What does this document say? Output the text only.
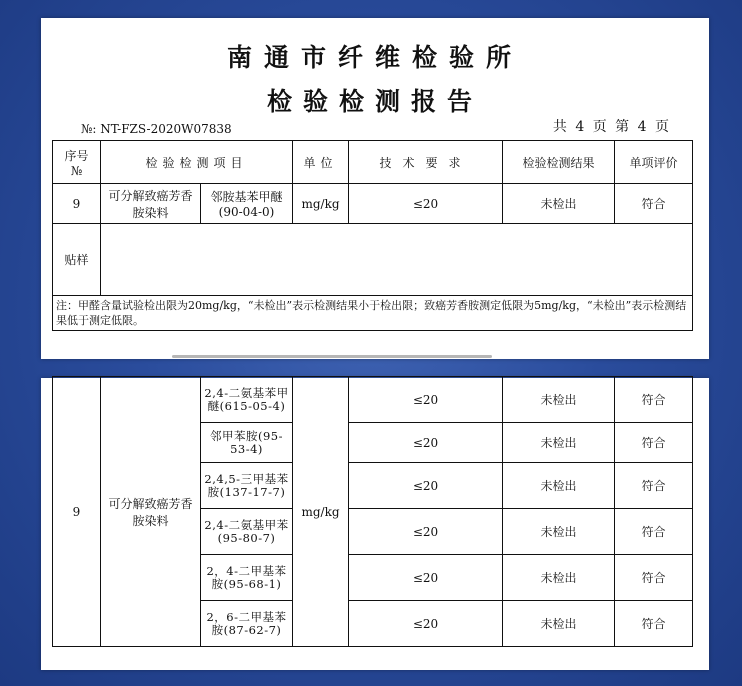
南通市纤维检验所
检验检测报告
№: NT-FZS-2020W07838	共 4 页 第 4 页
序号
№	检验检测项目		单位	技术要求	检验检测结果	单项评价
9	可分解致癌芳香胺染料	邻胺基苯甲醚(90-04-0)	mg/kg	≤20	未检出	符合
贴样						
注：甲醛含量试验检出限为20mg/kg，“未检出”表示检测结果小于检出限；致癌芳香胺测定低限为5mg/kg，“未检出”表示检测结果低于测定低限。						
9	可分解致癌芳香胺染料	2,4-二氨基苯甲醚(615-05-4)	mg/kg	≤20	未检出	符合
		邻甲苯胺(95-53-4)		≤20	未检出	符合
		2,4,5-三甲基苯胺(137-17-7)		≤20	未检出	符合
		2,4-二氨基甲苯(95-80-7)		≤20	未检出	符合
		2，4-二甲基苯胺(95-68-1)		≤20	未检出	符合
		2，6-二甲基苯胺(87-62-7)		≤20	未检出	符合
